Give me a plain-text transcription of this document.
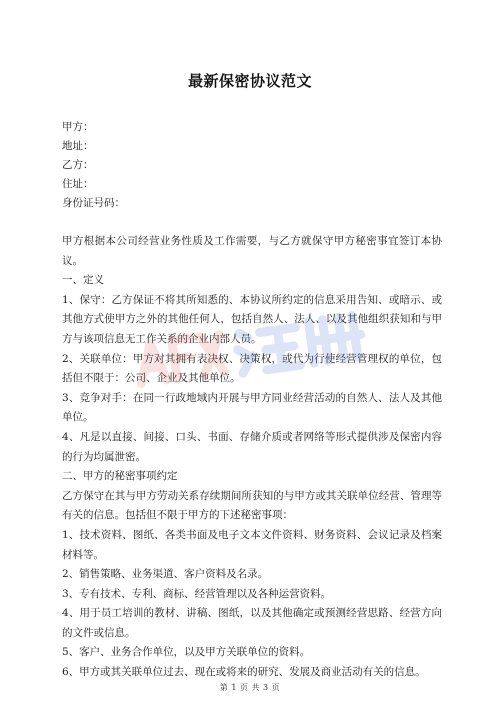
最新保密协议范文
甲方：
地址：
乙方：
住址：
身份证号码：

甲方根据本公司经营业务性质及工作需要，与乙方就保守甲方秘密事宜签订本协议。

一、定义

1、保守：乙方保证不将其所知悉的、本协议所约定的信息采用告知、或暗示、或其他方式使甲方之外的其他任何人，包括自然人、法人、以及其他组织获知和与甲方与该项信息无工作关系的企业内部人员。

2、关联单位：甲方对其拥有表决权、决策权，或代为行使经营管理权的单位，包括但不限于：公司、企业及其他单位。

3、竞争对手：在同一行政地域内开展与甲方同业经营活动的自然人、法人及其他单位。

4、凡是以直接、间接、口头、书面、存储介质或者网络等形式提供涉及保密内容的行为均属泄密。

二、甲方的秘密事项约定

乙方保守在其与甲方劳动关系存续期间所获知的与甲方或其关联单位经营、管理等有关的信息。包括但不限于甲方的下述秘密事项：

1、技术资料、图纸、各类书面及电子文本文件资料、财务资料、会议记录及档案材料等。

2、销售策略、业务渠道、客户资料及名录。

3、专有技术、专利、商标、经营管理以及各种运营资料。

4、用于员工培训的教材、讲稿、图纸，以及其他确定或预测经营思路、经营方向的文件或信息。

5、客户、业务合作单位，以及甲方关联单位的资料。

6、甲方或其关联单位过去、现在或将来的研究、发展及商业活动有关的信息。

第 1 页 共 3 页
